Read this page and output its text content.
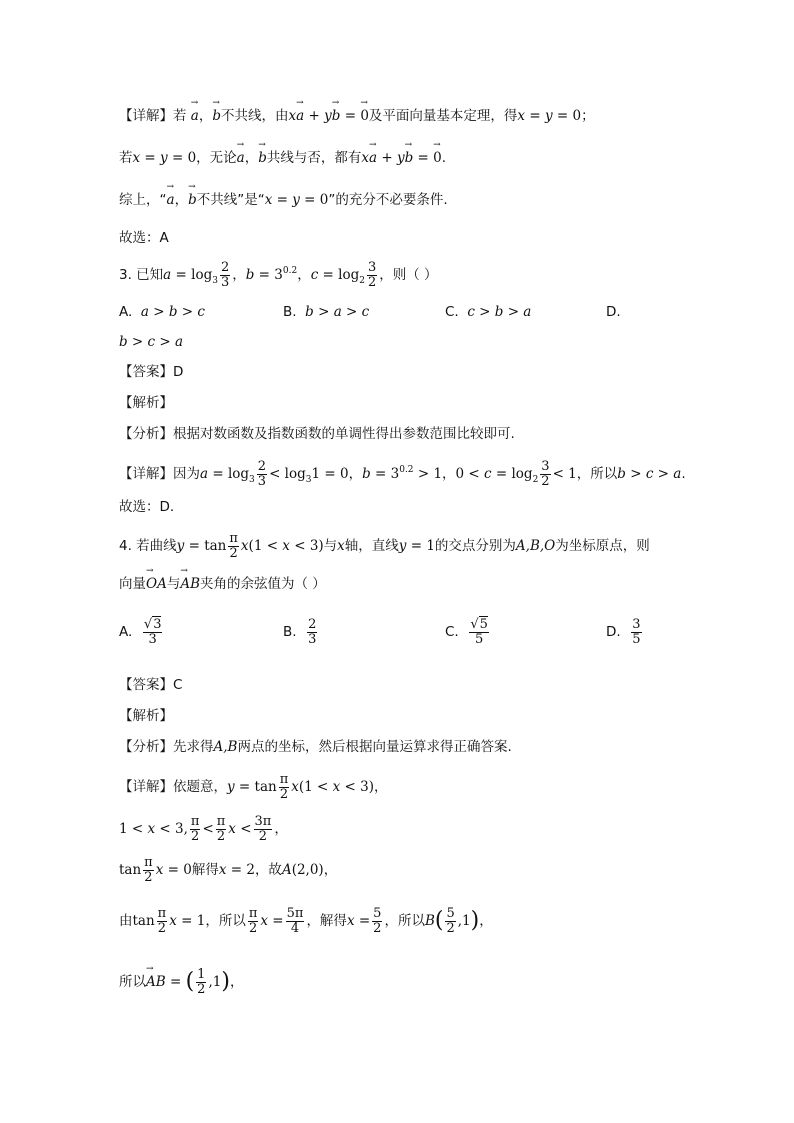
【详解】若 → a，→ b不共线，由x→ a + y→ b = → 0及平面向量基本定理，得x = y = 0；
若x = y = 0，无论→ a，→ b共线与否，都有x→ a + y→ b = → 0.
综上，“→ a，→ b不共线”是“x = y = 0”的充分不必要条件.
故选：A
3. 已知$a = \log_3 \frac{2}{3}$ ，$b = 3^{0.2}$，$c = \log_2 \frac{3}{2}$ ，则（ ）
A. a > b > c	B. b > a > c	C. c > b > a	D.
b > c > a
【答案】D
【解析】
【分析】根据对数函数及指数函数的单调性得出参数范围比较即可.
【详解】因为$a = \log_3 \frac{2}{3} < \log_31 = 0$，$b = 3^{0.2} > 1$，$0 < c = \log_2 \frac{3}{2} < 1$，所以b > c > a.
故选：D.
4. 若曲线$y = \tan \frac{\pi}{2} x(1 < x < 3)$与x轴，直线y = 1的交点分别为A,B,O为坐标原点，则
向量→ OA与→ AB夹角的余弦值为（ ）
A. $\frac{√3}{3}$	B. $\frac{2}{3}$	C. $\frac{√5}{5}$	D. $\frac{3}{5}$
【答案】C
【解析】
【分析】先求得A,B两点的坐标，然后根据向量运算求得正确答案.
【详解】依题意，$y = \tan \frac{\pi}{2} x(1 < x < 3)$，
1 < x < 3, $\frac{\pi}{2} < \frac{\pi}{2}$ $x < \frac{3\pi}{2}$ ，
$\tan \frac{\pi}{2}$ x = 0解得x = 2，故A(2,0)，
由$\tan \frac{\pi}{2}$ x = 1，所以 $\frac{\pi}{2}$ $x = \frac{5\pi}{4}$ ，解得$x = \frac{5}{2}$ ，所以$B( \frac{5}{2} ,1)$，
所以→ AB = ( $\frac{1}{2} ,1$)，
